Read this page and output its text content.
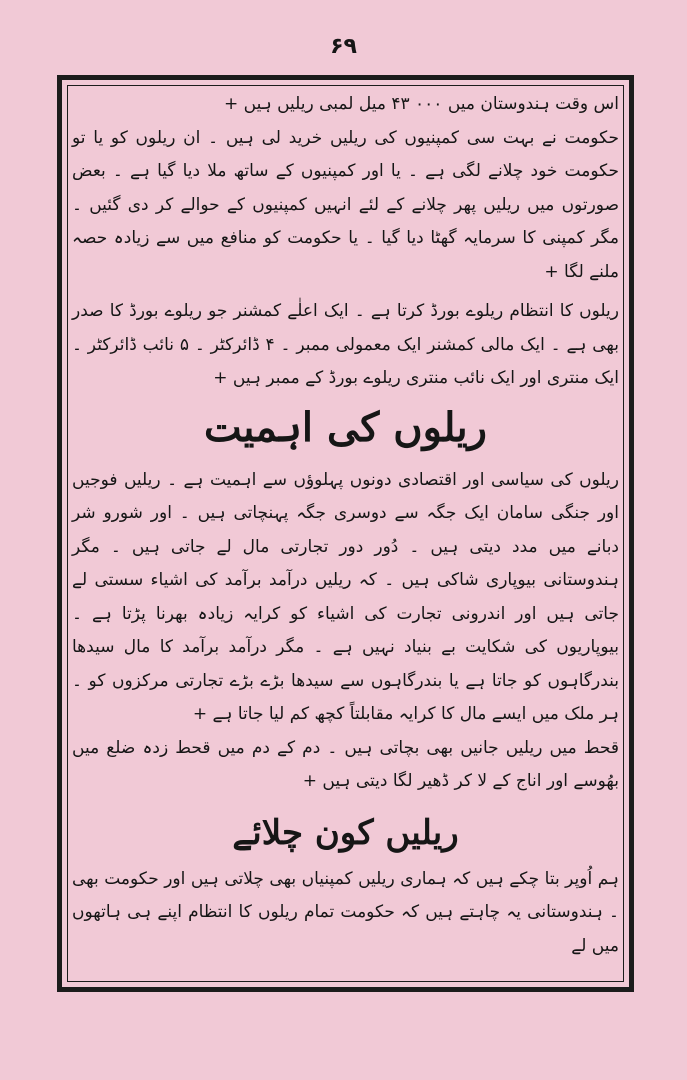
۶۹

اس وقت ہندوستان میں ۰۰۰ ۴۳ میل لمبی ریلیں ہیں +

حکومت نے بہت سی کمپنیوں کی ریلیں خرید لی ہیں ۔ ان ریلوں کو یا تو حکومت خود چلانے لگی ہے ۔ یا اور کمپنیوں کے ساتھ ملا دیا گیا ہے ۔ بعض صورتوں میں ریلیں پھر چلانے کے لئے انہیں کمپنیوں کے حوالے کر دی گئیں ۔ مگر کمپنی کا سرمایہ گھٹا دیا گیا ۔ یا حکومت کو منافع میں سے زیادہ حصہ ملنے لگا +

ریلوں کا انتظام ریلوے بورڈ کرتا ہے ۔ ایک اعلٰے کمشنر جو ریلوے بورڈ کا صدر بھی ہے ۔ ایک مالی کمشنر ایک معمولی ممبر ۔ ۴ ڈائرکٹر ۔ ۵ نائب ڈائرکٹر ۔ ایک منتری اور ایک نائب منتری ریلوے بورڈ کے ممبر ہیں +

ریلوں کی اہمیت

ریلوں کی سیاسی اور اقتصادی دونوں پہلوؤں سے اہمیت ہے ۔ ریلیں فوجیں اور جنگی سامان ایک جگہ سے دوسری جگہ پہنچاتی ہیں ۔ اور شورو شر دبانے میں مدد دیتی ہیں ۔ دُور دور تجارتی مال لے جاتی ہیں ۔ مگر ہندوستانی بیوپاری شاکی ہیں ۔ کہ ریلیں درآمد برآمد کی اشیاء سستی لے جاتی ہیں اور اندرونی تجارت کی اشیاء کو کرایہ زیادہ بھرنا پڑتا ہے ۔ بیوپاریوں کی شکایت بے بنیاد نہیں ہے ۔ مگر درآمد برآمد کا مال سیدھا بندرگاہوں کو جاتا ہے یا بندرگاہوں سے سیدھا بڑے بڑے تجارتی مرکزوں کو ۔ ہر ملک میں ایسے مال کا کرایہ مقابلتاً کچھ کم لیا جاتا ہے +

قحط میں ریلیں جانیں بھی بچاتی ہیں ۔ دم کے دم میں قحط زدہ ضلع میں بھُوسے اور اناج کے لا کر ڈھیر لگا دیتی ہیں +

ریلیں کون چلائے

ہم اُوپر بتا چکے ہیں کہ ہماری ریلیں کمپنیاں بھی چلاتی ہیں اور حکومت بھی ۔ ہندوستانی یہ چاہتے ہیں کہ حکومت تمام ریلوں کا انتظام اپنے ہی ہاتھوں میں لے
